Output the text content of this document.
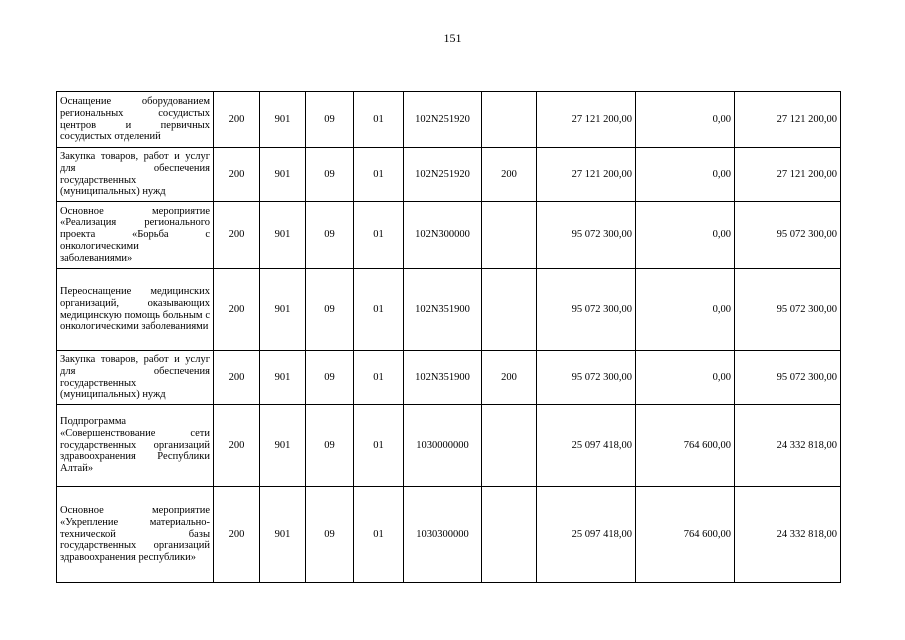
151
Оснащение оборудованием региональных сосудистых центров и первичных сосудистых отделений	200	901	09	01	102N251920		27 121 200,00	0,00	27 121 200,00
Закупка товаров, работ и услуг для обеспечения государственных (муниципальных) нужд	200	901	09	01	102N251920	200	27 121 200,00	0,00	27 121 200,00
Основное мероприятие «Реализация регионального проекта «Борьба с онкологическими заболеваниями»	200	901	09	01	102N300000		95 072 300,00	0,00	95 072 300,00
Переоснащение медицинских организаций, оказывающих медицинскую помощь больным с онкологическими заболеваниями	200	901	09	01	102N351900		95 072 300,00	0,00	95 072 300,00
Закупка товаров, работ и услуг для обеспечения государственных (муниципальных) нужд	200	901	09	01	102N351900	200	95 072 300,00	0,00	95 072 300,00
Подпрограмма «Совершенствование сети государственных организаций здравоохранения Республики Алтай»	200	901	09	01	1030000000		25 097 418,00	764 600,00	24 332 818,00
Основное мероприятие «Укрепление материально-технической базы государственных организаций здравоохранения республики»	200	901	09	01	1030300000		25 097 418,00	764 600,00	24 332 818,00
